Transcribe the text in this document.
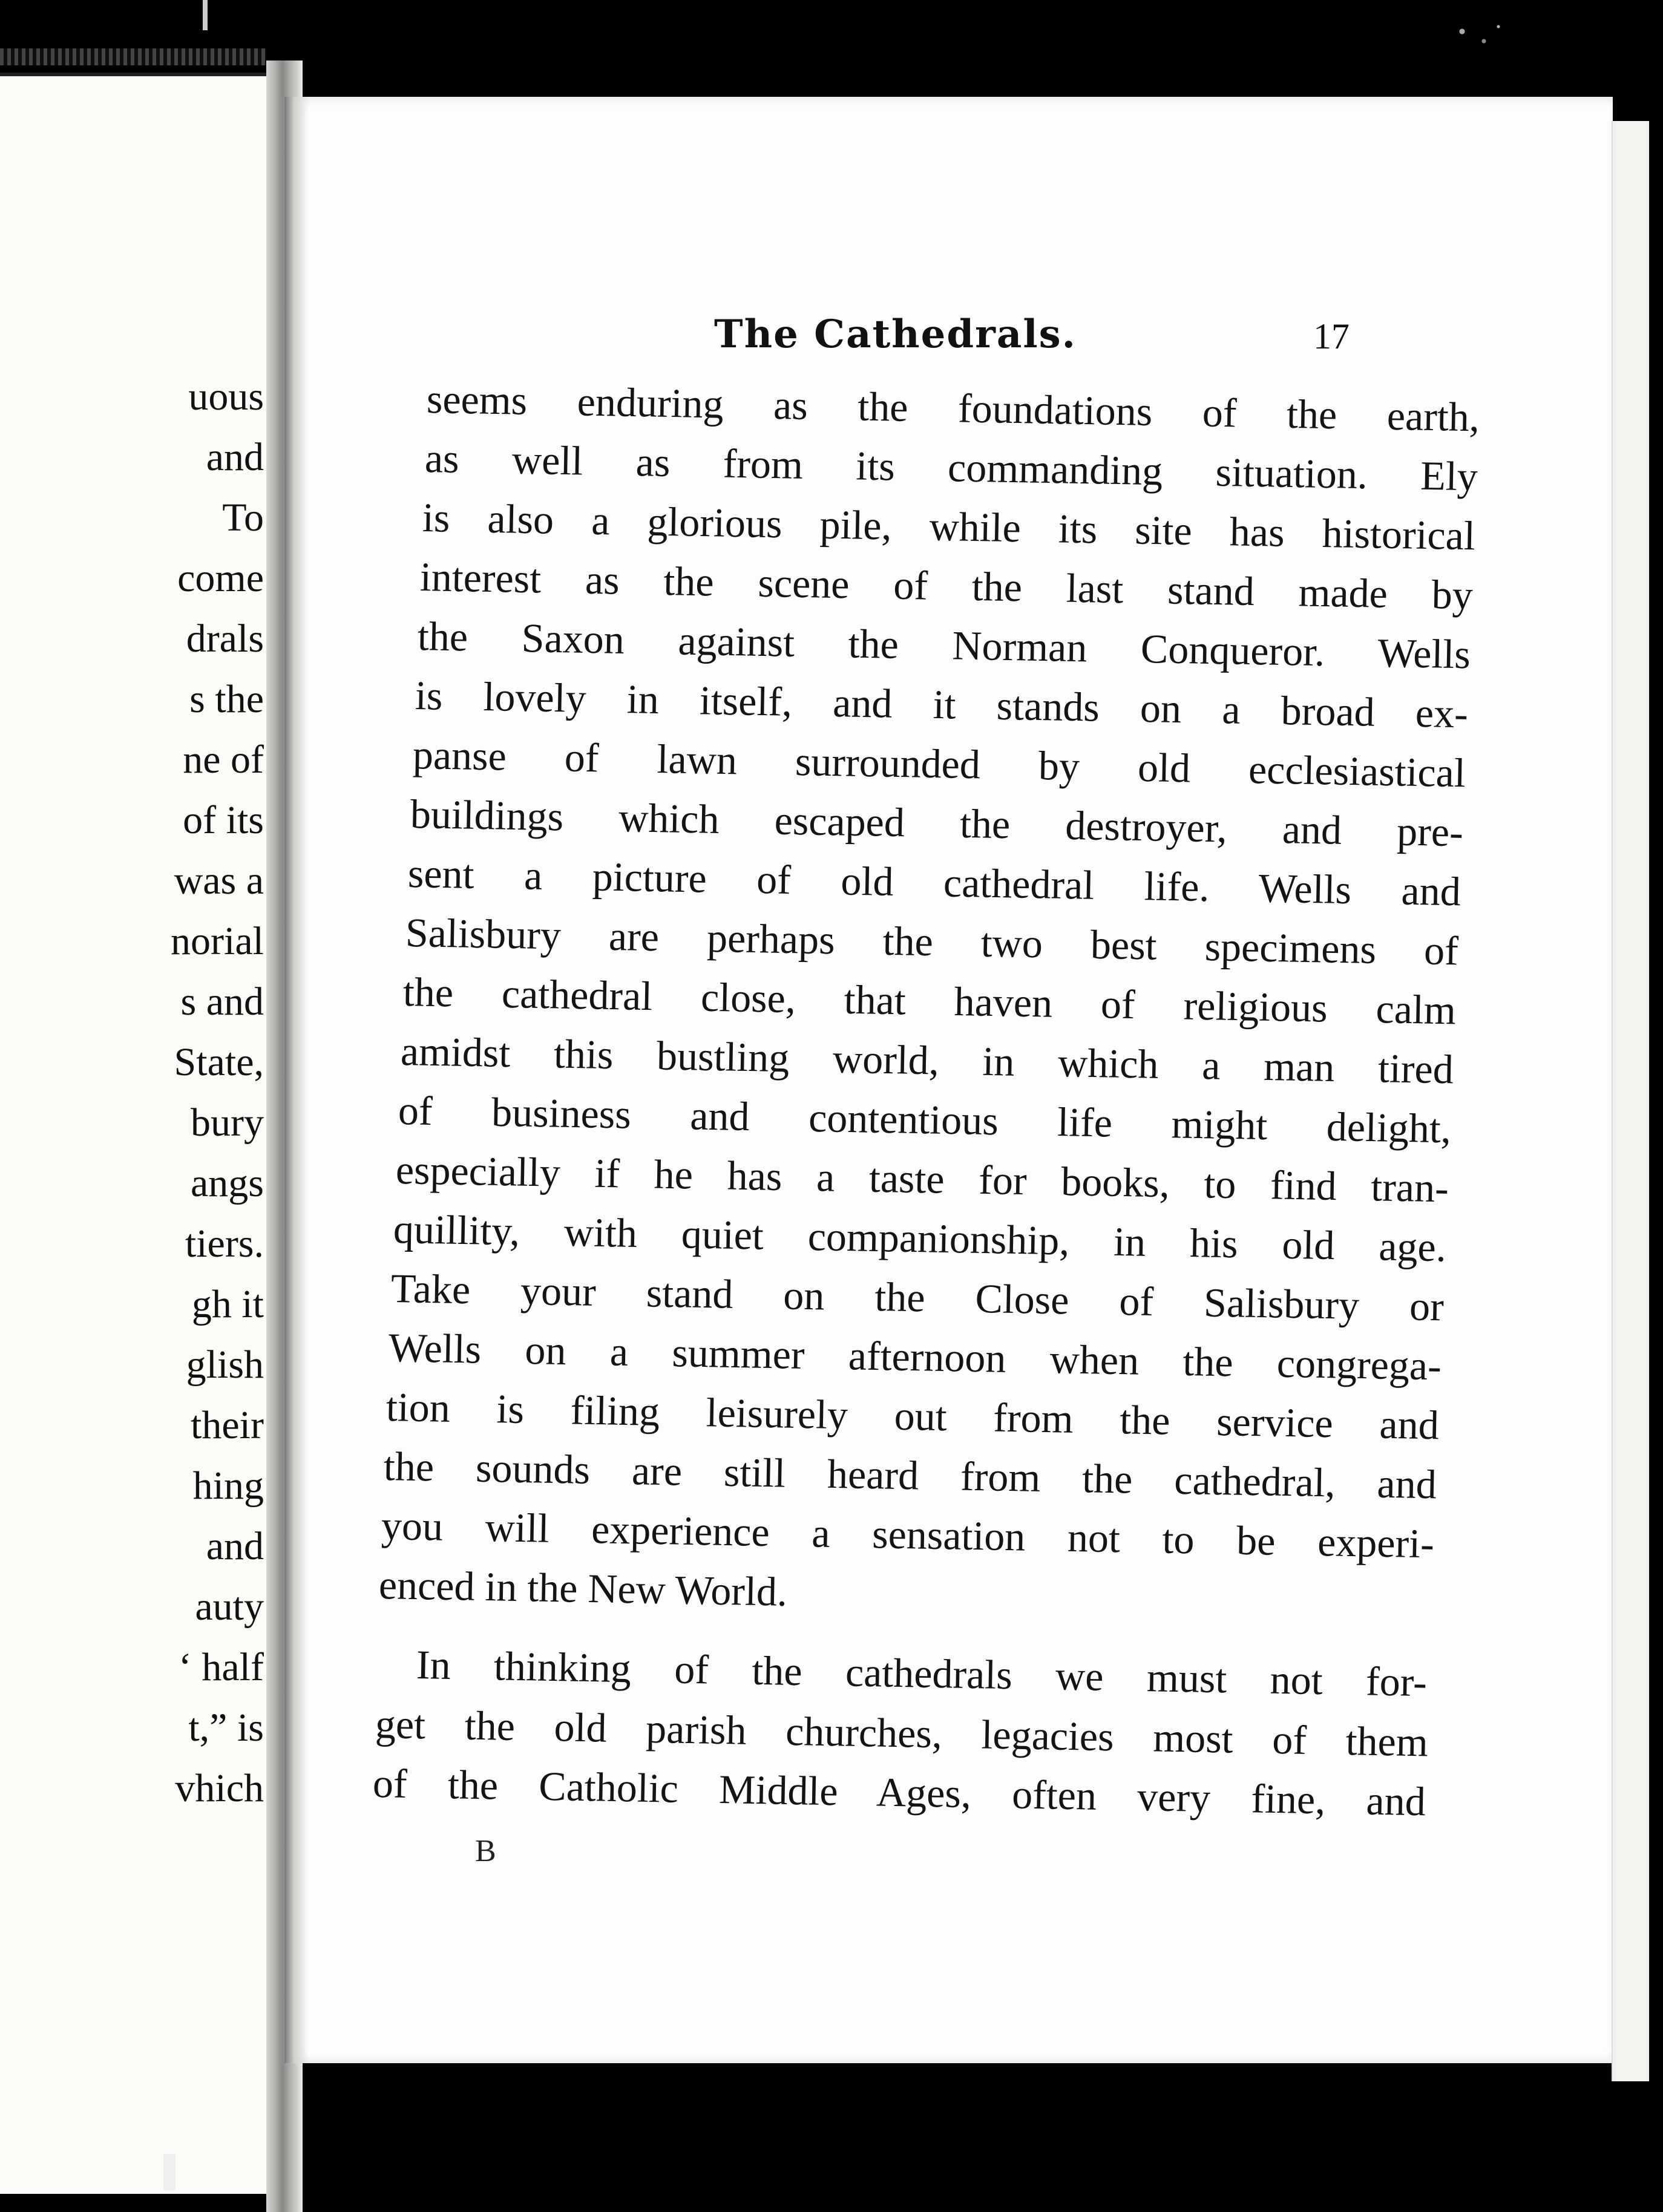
uous
and
To
come
drals
s the
ne of
of its
was a
norial
s and
State,
bury
angs
tiers.
gh it
glish
their
hing
and
auty
‘ half
t,” is
vhich
The Cathedrals.	17
seems enduring as the foundations of the earth,
as well as from its commanding situation. Ely
is also a glorious pile, while its site has historical
interest as the scene of the last stand made by
the Saxon against the Norman Conqueror. Wells
is lovely in itself, and it stands on a broad ex-
panse of lawn surrounded by old ecclesiastical
buildings which escaped the destroyer, and pre-
sent a picture of old cathedral life. Wells and
Salisbury are perhaps the two best specimens of
the cathedral close, that haven of religious calm
amidst this bustling world, in which a man tired
of business and contentious life might delight,
especially if he has a taste for books, to find tran-
quillity, with quiet companionship, in his old age.
Take your stand on the Close of Salisbury or
Wells on a summer afternoon when the congrega-
tion is filing leisurely out from the service and
the sounds are still heard from the cathedral, and
you will experience a sensation not to be experi-
enced in the New World.
In thinking of the cathedrals we must not for-
get the old parish churches, legacies most of them
of the Catholic Middle Ages, often very fine, and
B
